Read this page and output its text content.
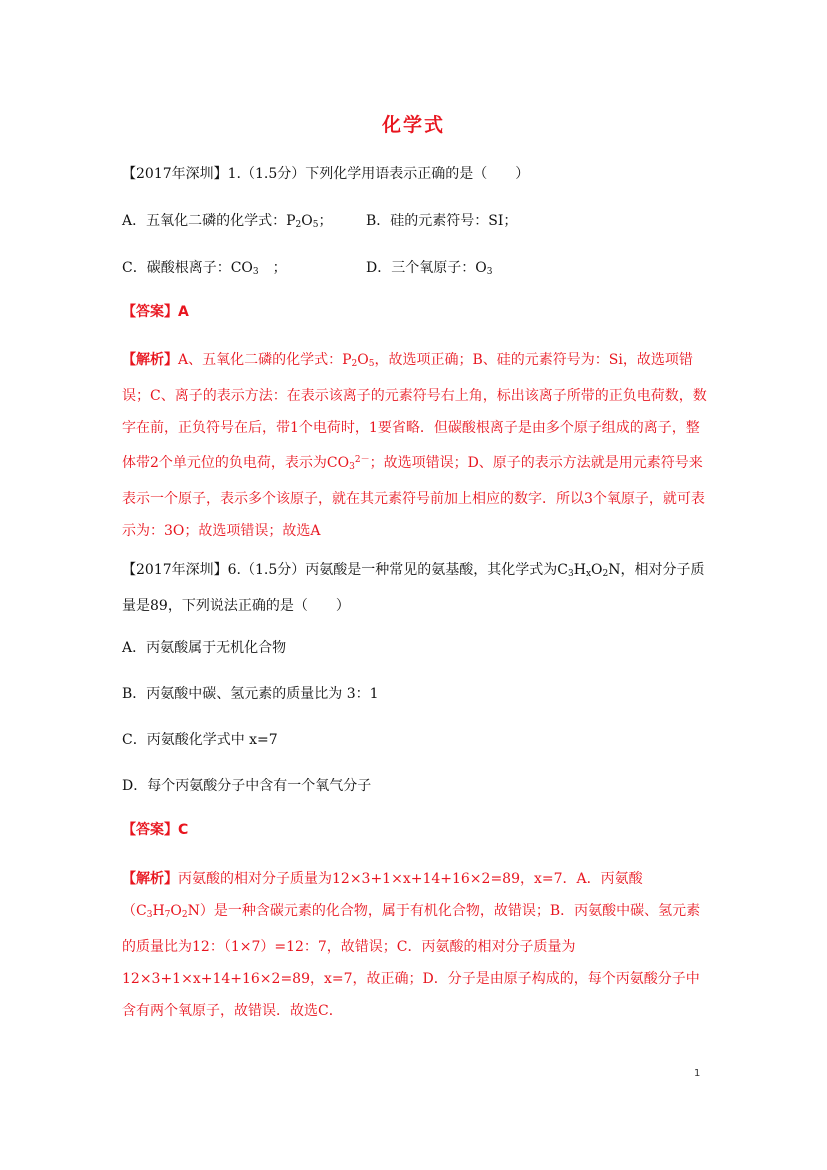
化学式
【2017年深圳】1.（1.5分）下列化学用语表示正确的是（　　）
A．五氧化二磷的化学式：$P_2O_5$； B．硅的元素符号：SI；
C．碳酸根离子：$CO_3$　；	D．三个氧原子：$O_3$
【答案】A
【解析】A、五氧化二磷的化学式：$P_2O_5$，故选项正确；B、硅的元素符号为：Si，故选项错误；C、离子的表示方法：在表示该离子的元素符号右上角，标出该离子所带的正负电荷数，数字在前，正负符号在后，带1个电荷时，1要省略．但碳酸根离子是由多个原子组成的离子，整体带2个单元位的负电荷，表示为$CO_3^{2-}$；故选项错误；D、原子的表示方法就是用元素符号来表示一个原子，表示多个该原子，就在其元素符号前加上相应的数字．所以3个氧原子，就可表示为：3O；故选项错误；故选A
【2017年深圳】6.（1.5分）丙氨酸是一种常见的氨基酸，其化学式为$C_3H_xO_2N$，相对分子质量是89，下列说法正确的是（　　）
A．丙氨酸属于无机化合物
B．丙氨酸中碳、氢元素的质量比为 3：1
C．丙氨酸化学式中 x=7
D．每个丙氨酸分子中含有一个氧气分子
【答案】C
【解析】丙氨酸的相对分子质量为12×3+1×x+14+16×2=89，x=7．A．丙氨酸$(C_3H_7O_2N)$是一种含碳元素的化合物，属于有机化合物，故错误；B．丙氨酸中碳、氢元素的质量比为12：（1×7）=12：7，故错误；C．丙氨酸的相对分子质量为12×3+1×x+14+16×2=89，x=7，故正确；D．分子是由原子构成的，每个丙氨酸分子中含有两个氧原子，故错误．故选C．
1
